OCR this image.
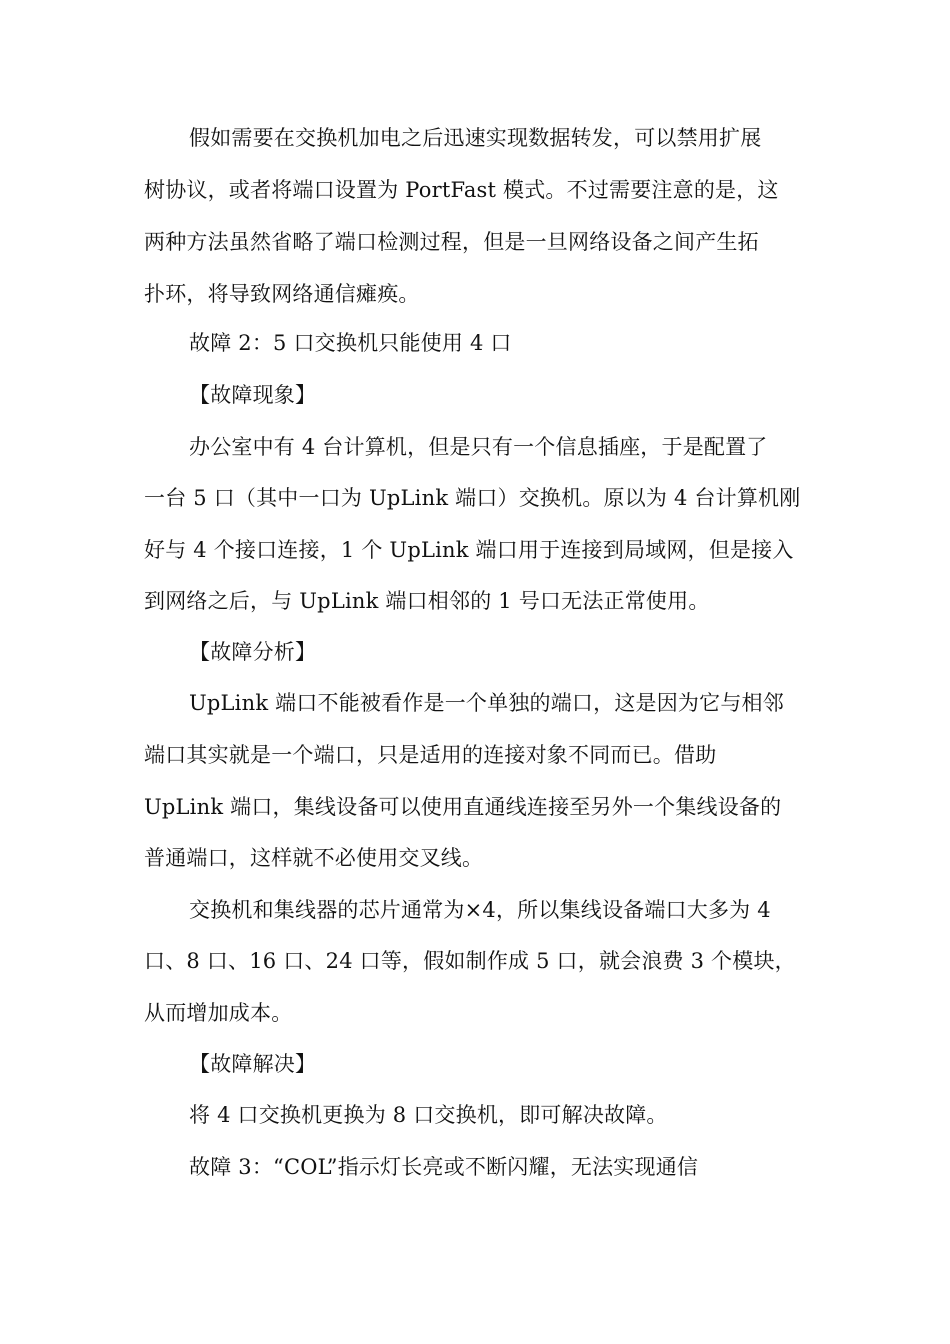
假如需要在交换机加电之后迅速实现数据转发，可以禁用扩展
树协议，或者将端口设置为 PortFast 模式。不过需要注意的是，这
两种方法虽然省略了端口检测过程，但是一旦网络设备之间产生拓
扑环，将导致网络通信瘫痪。
故障 2：5 口交换机只能使用 4 口
【故障现象】
办公室中有 4 台计算机，但是只有一个信息插座，于是配置了
一台 5 口（其中一口为 UpLink 端口）交换机。原以为 4 台计算机刚
好与 4 个接口连接，1 个 UpLink 端口用于连接到局域网，但是接入
到网络之后，与 UpLink 端口相邻的 1 号口无法正常使用。
【故障分析】
UpLink 端口不能被看作是一个单独的端口，这是因为它与相邻
端口其实就是一个端口，只是适用的连接对象不同而已。借助
UpLink 端口，集线设备可以使用直通线连接至另外一个集线设备的
普通端口，这样就不必使用交叉线。
交换机和集线器的芯片通常为×4，所以集线设备端口大多为 4
口、8 口、16 口、24 口等，假如制作成 5 口，就会浪费 3 个模块，
从而增加成本。
【故障解决】
将 4 口交换机更换为 8 口交换机，即可解决故障。
故障 3：“COL”指示灯长亮或不断闪耀，无法实现通信
